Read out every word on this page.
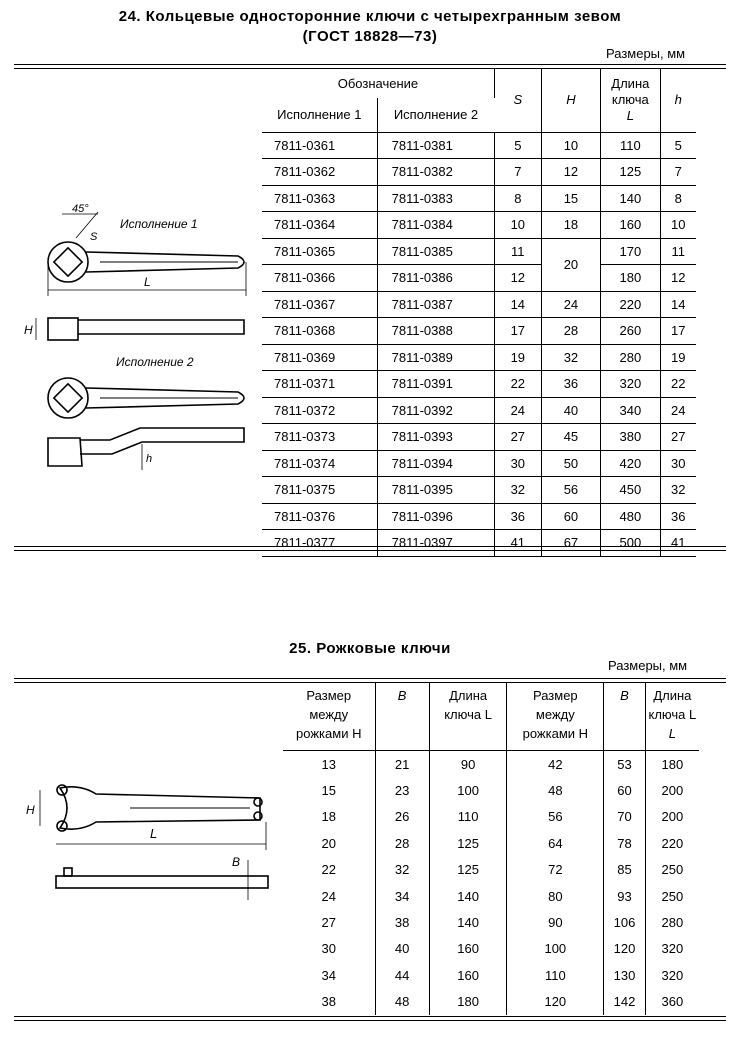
24. Кольцевые односторонние ключи с четырехгранным зевом
(ГОСТ 18828—73)
Размеры, мм
Исполнение 1
Исполнение 2
45°
S
L
H
h
Обозначение		S	H	Длина
ключа
L	h
Исполнение 1	Исполнение 2				
7811-0361	7811-0381	5	10	110	5
7811-0362	7811-0382	7	12	125	7
7811-0363	7811-0383	8	15	140	8
7811-0364	7811-0384	10	18	160	10
7811-0365	7811-0385	11	20	170	11
7811-0366	7811-0386	12		180	12
7811-0367	7811-0387	14	24	220	14
7811-0368	7811-0388	17	28	260	17
7811-0369	7811-0389	19	32	280	19
7811-0371	7811-0391	22	36	320	22
7811-0372	7811-0392	24	40	340	24
7811-0373	7811-0393	27	45	380	27
7811-0374	7811-0394	30	50	420	30
7811-0375	7811-0395	32	56	450	32
7811-0376	7811-0396	36	60	480	36
7811-0377	7811-0397	41	67	500	41
25. Рожковые ключи
Размеры, мм
H
L
B
Размер
между
рожками H	B	Длина
ключа L	Размер
между
рожками H	B	Длина
ключа L
L
13	21	90	42	53	180
15	23	100	48	60	200
18	26	110	56	70	200
20	28	125	64	78	220
22	32	125	72	85	250
24	34	140	80	93	250
27	38	140	90	106	280
30	40	160	100	120	320
34	44	160	110	130	320
38	48	180	120	142	360
